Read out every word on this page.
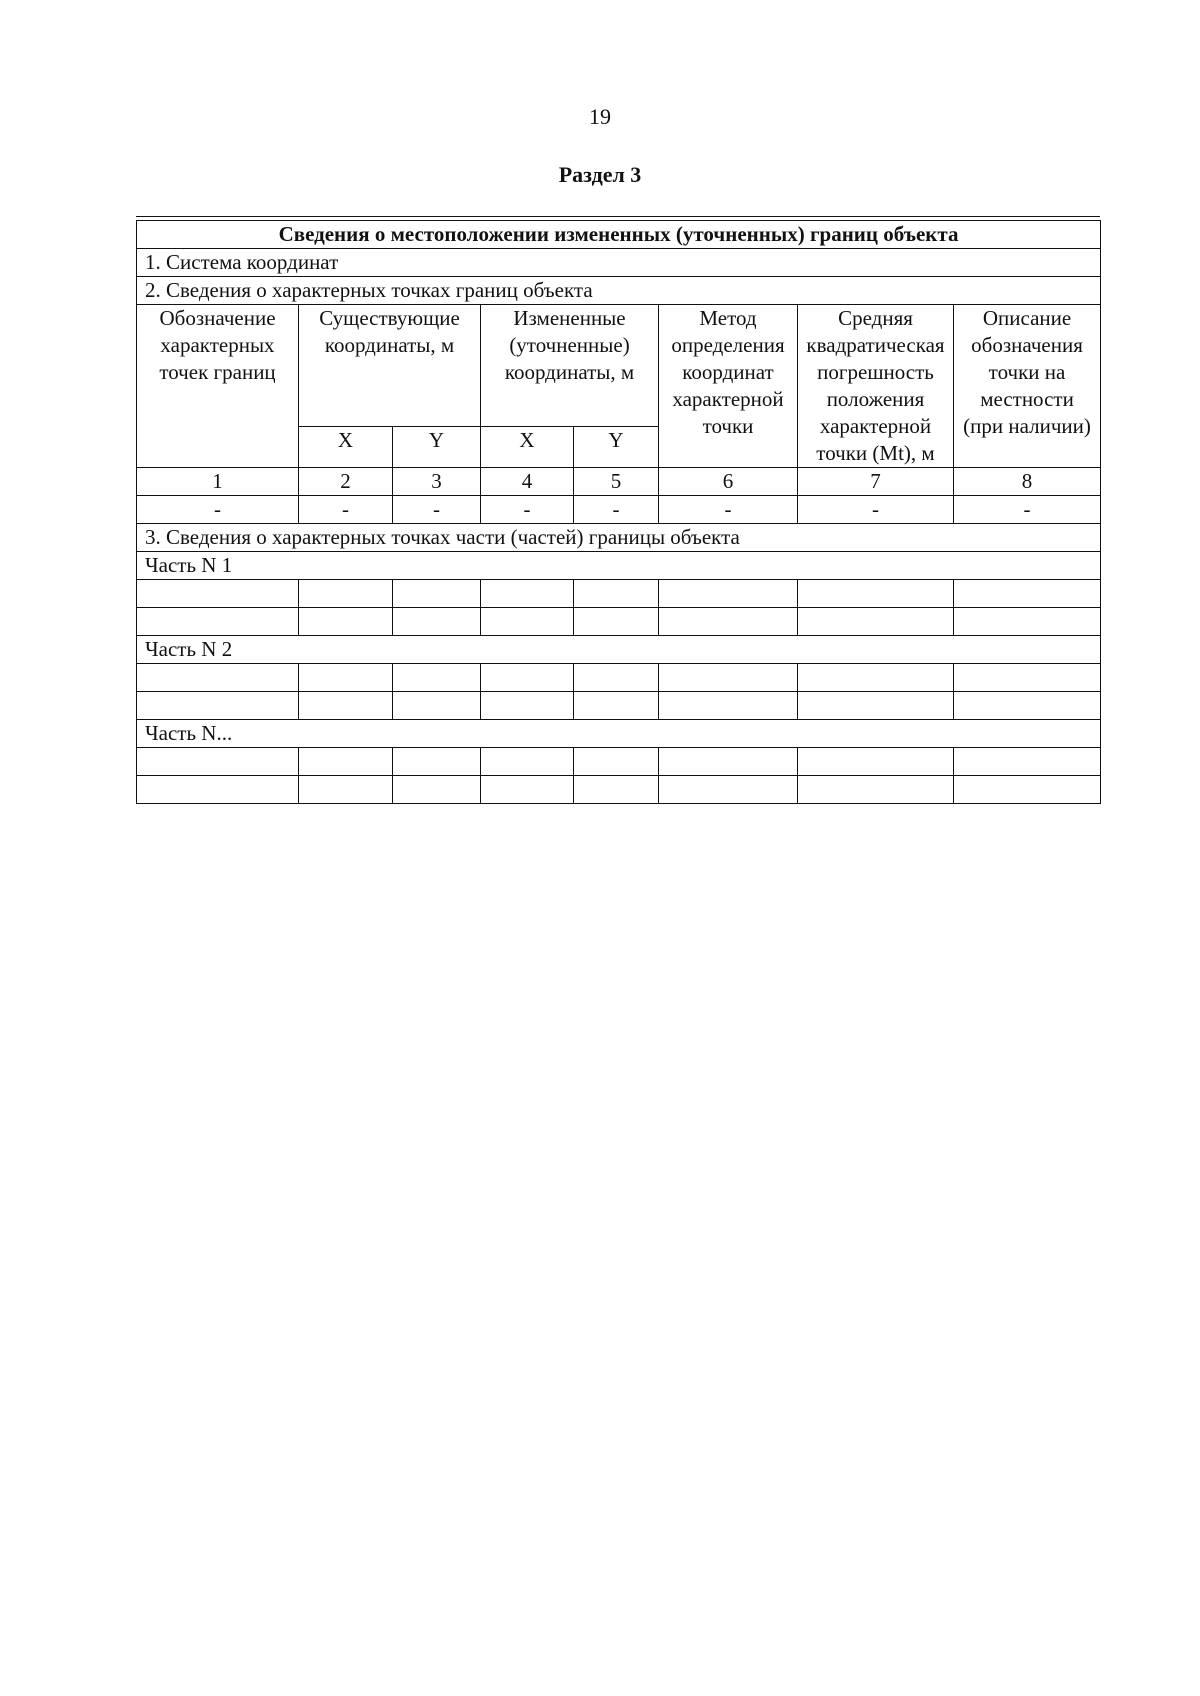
19
Раздел 3
Сведения о местоположении измененных (уточненных) границ объекта							
1. Система координат							
2. Сведения о характерных точках границ объекта							
Обозначение характерных точек границ	Существующие координаты, м		Измененные (уточненные) координаты, м		Метод определения координат характерной точки	Средняя квадратическая погрешность положения характерной точки (Mt), м	Описание обозначения точки на местности (при наличии)
	X	Y	X	Y			
1	2	3	4	5	6	7	8
-	-	-	-	-	-	-	-
3. Сведения о характерных точках части (частей) границы объекта							
Часть N 1							

Часть N 2							

Часть N...							
